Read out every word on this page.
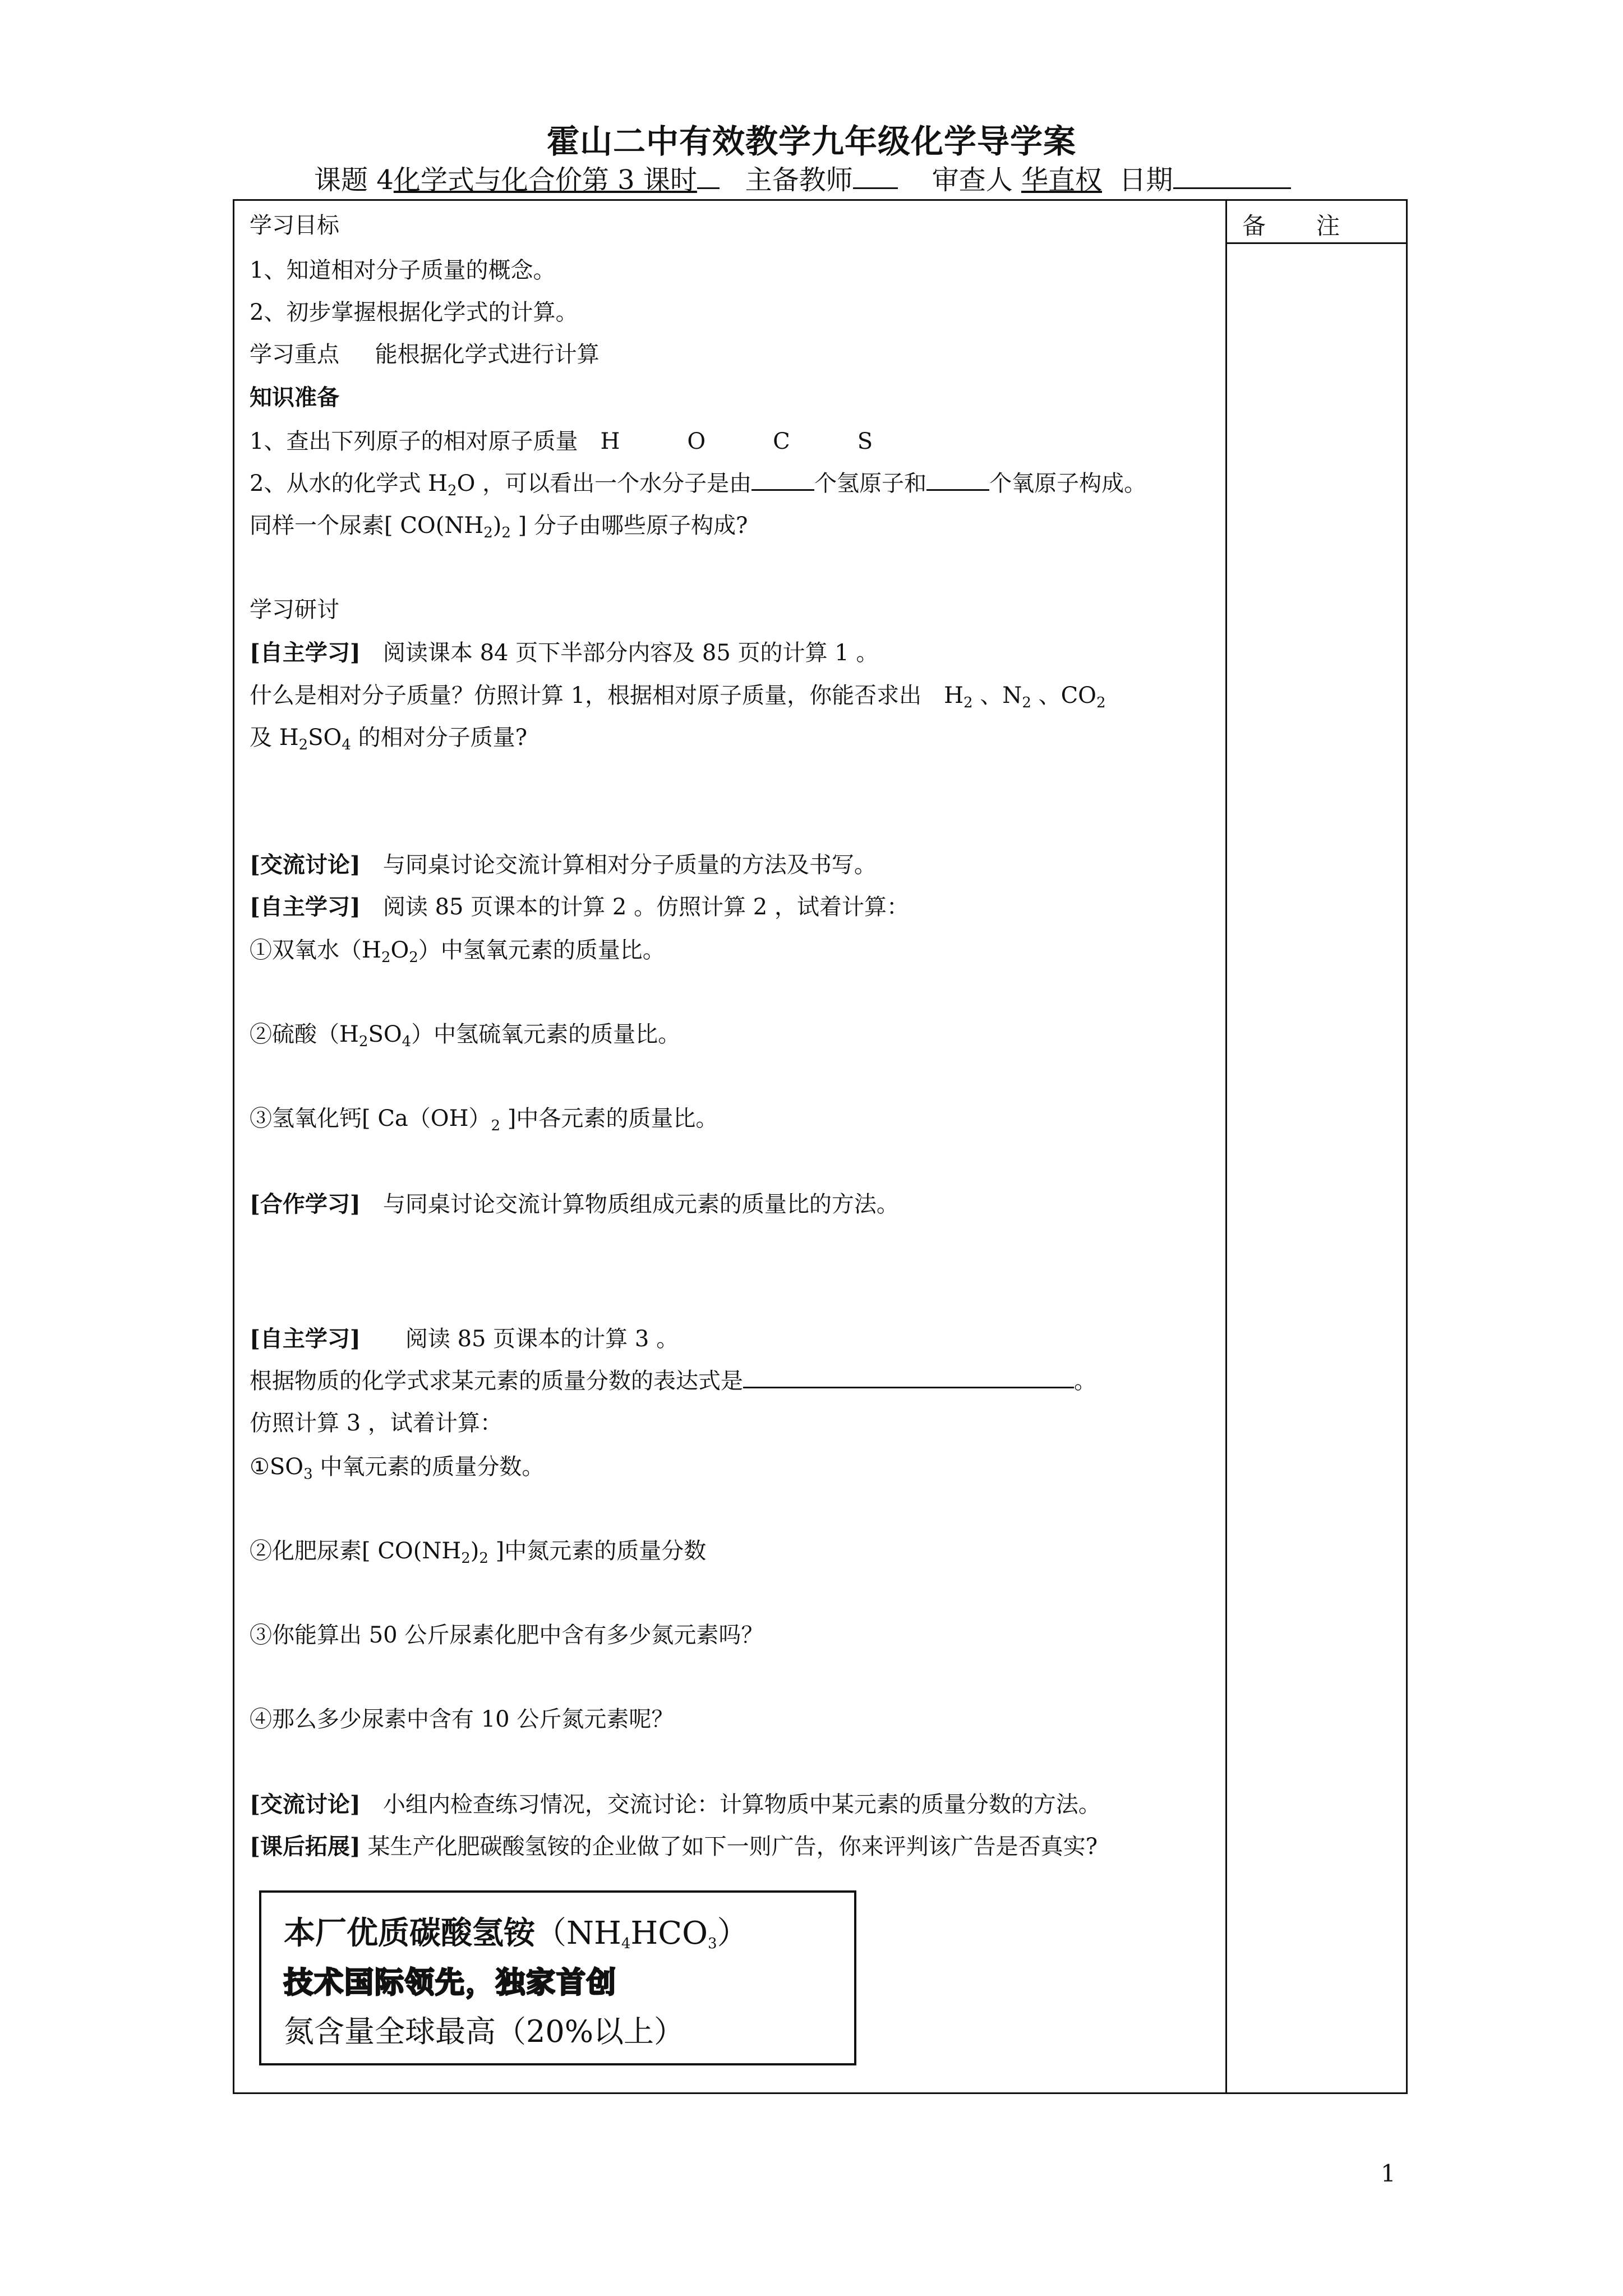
霍山二中有效教学九年级化学导学案
课题 4化学式与化合价第 3 课时 主备教师	审查人 华直权 日期
备注
学习目标
1、知道相对分子质量的概念。
2、初步掌握根据化学式的计算。
学习重点 能根据化学式进行计算
知识准备
1、查出下列原子的相对原子质量　H　　　O　　　C　　　S
2、从水的化学式 $H_2O$ ，可以看出一个水分子是由	个氢原子和	个氧原子构成。
同样一个尿素[ $CO(NH_2)_2$ ] 分子由哪些原子构成?
学习研讨
[自主学习]　阅读课本 84 页下半部分内容及 85 页的计算 1 。
什么是相对分子质量？仿照计算 1，根据相对原子质量，你能否求出　$H_2$ 、$N_2$ 、$CO_2$
及 $H_2SO_4$ 的相对分子质量?
[交流讨论]　与同桌讨论交流计算相对分子质量的方法及书写。
[自主学习]　阅读 85 页课本的计算 2 。仿照计算 2 ，试着计算：
①双氧水$(H_2O_2)$中氢氧元素的质量比。
②硫酸$(H_2SO_4)$中氢硫氧元素的质量比。
③氢氧化钙[ $Ca(OH)_2$ ]中各元素的质量比。
[合作学习]　与同桌讨论交流计算物质组成元素的质量比的方法。
[自主学习]　　阅读 85 页课本的计算 3 。
根据物质的化学式求某元素的质量分数的表达式是	。
仿照计算 3 ，试着计算：
$①SO_3$ 中氧元素的质量分数。
②化肥尿素[ $CO(NH_2)_2$ ]中氮元素的质量分数
③你能算出 50 公斤尿素化肥中含有多少氮元素吗？
④那么多少尿素中含有 10 公斤氮元素呢？
[交流讨论]　小组内检查练习情况，交流讨论：计算物质中某元素的质量分数的方法。
[课后拓展] 某生产化肥碳酸氢铵的企业做了如下一则广告，你来评判该广告是否真实?
本厂优质碳酸氢铵$(NH_4HCO_3)$
技术国际领先，独家首创
氮含量全球最高（20%以上）
1
